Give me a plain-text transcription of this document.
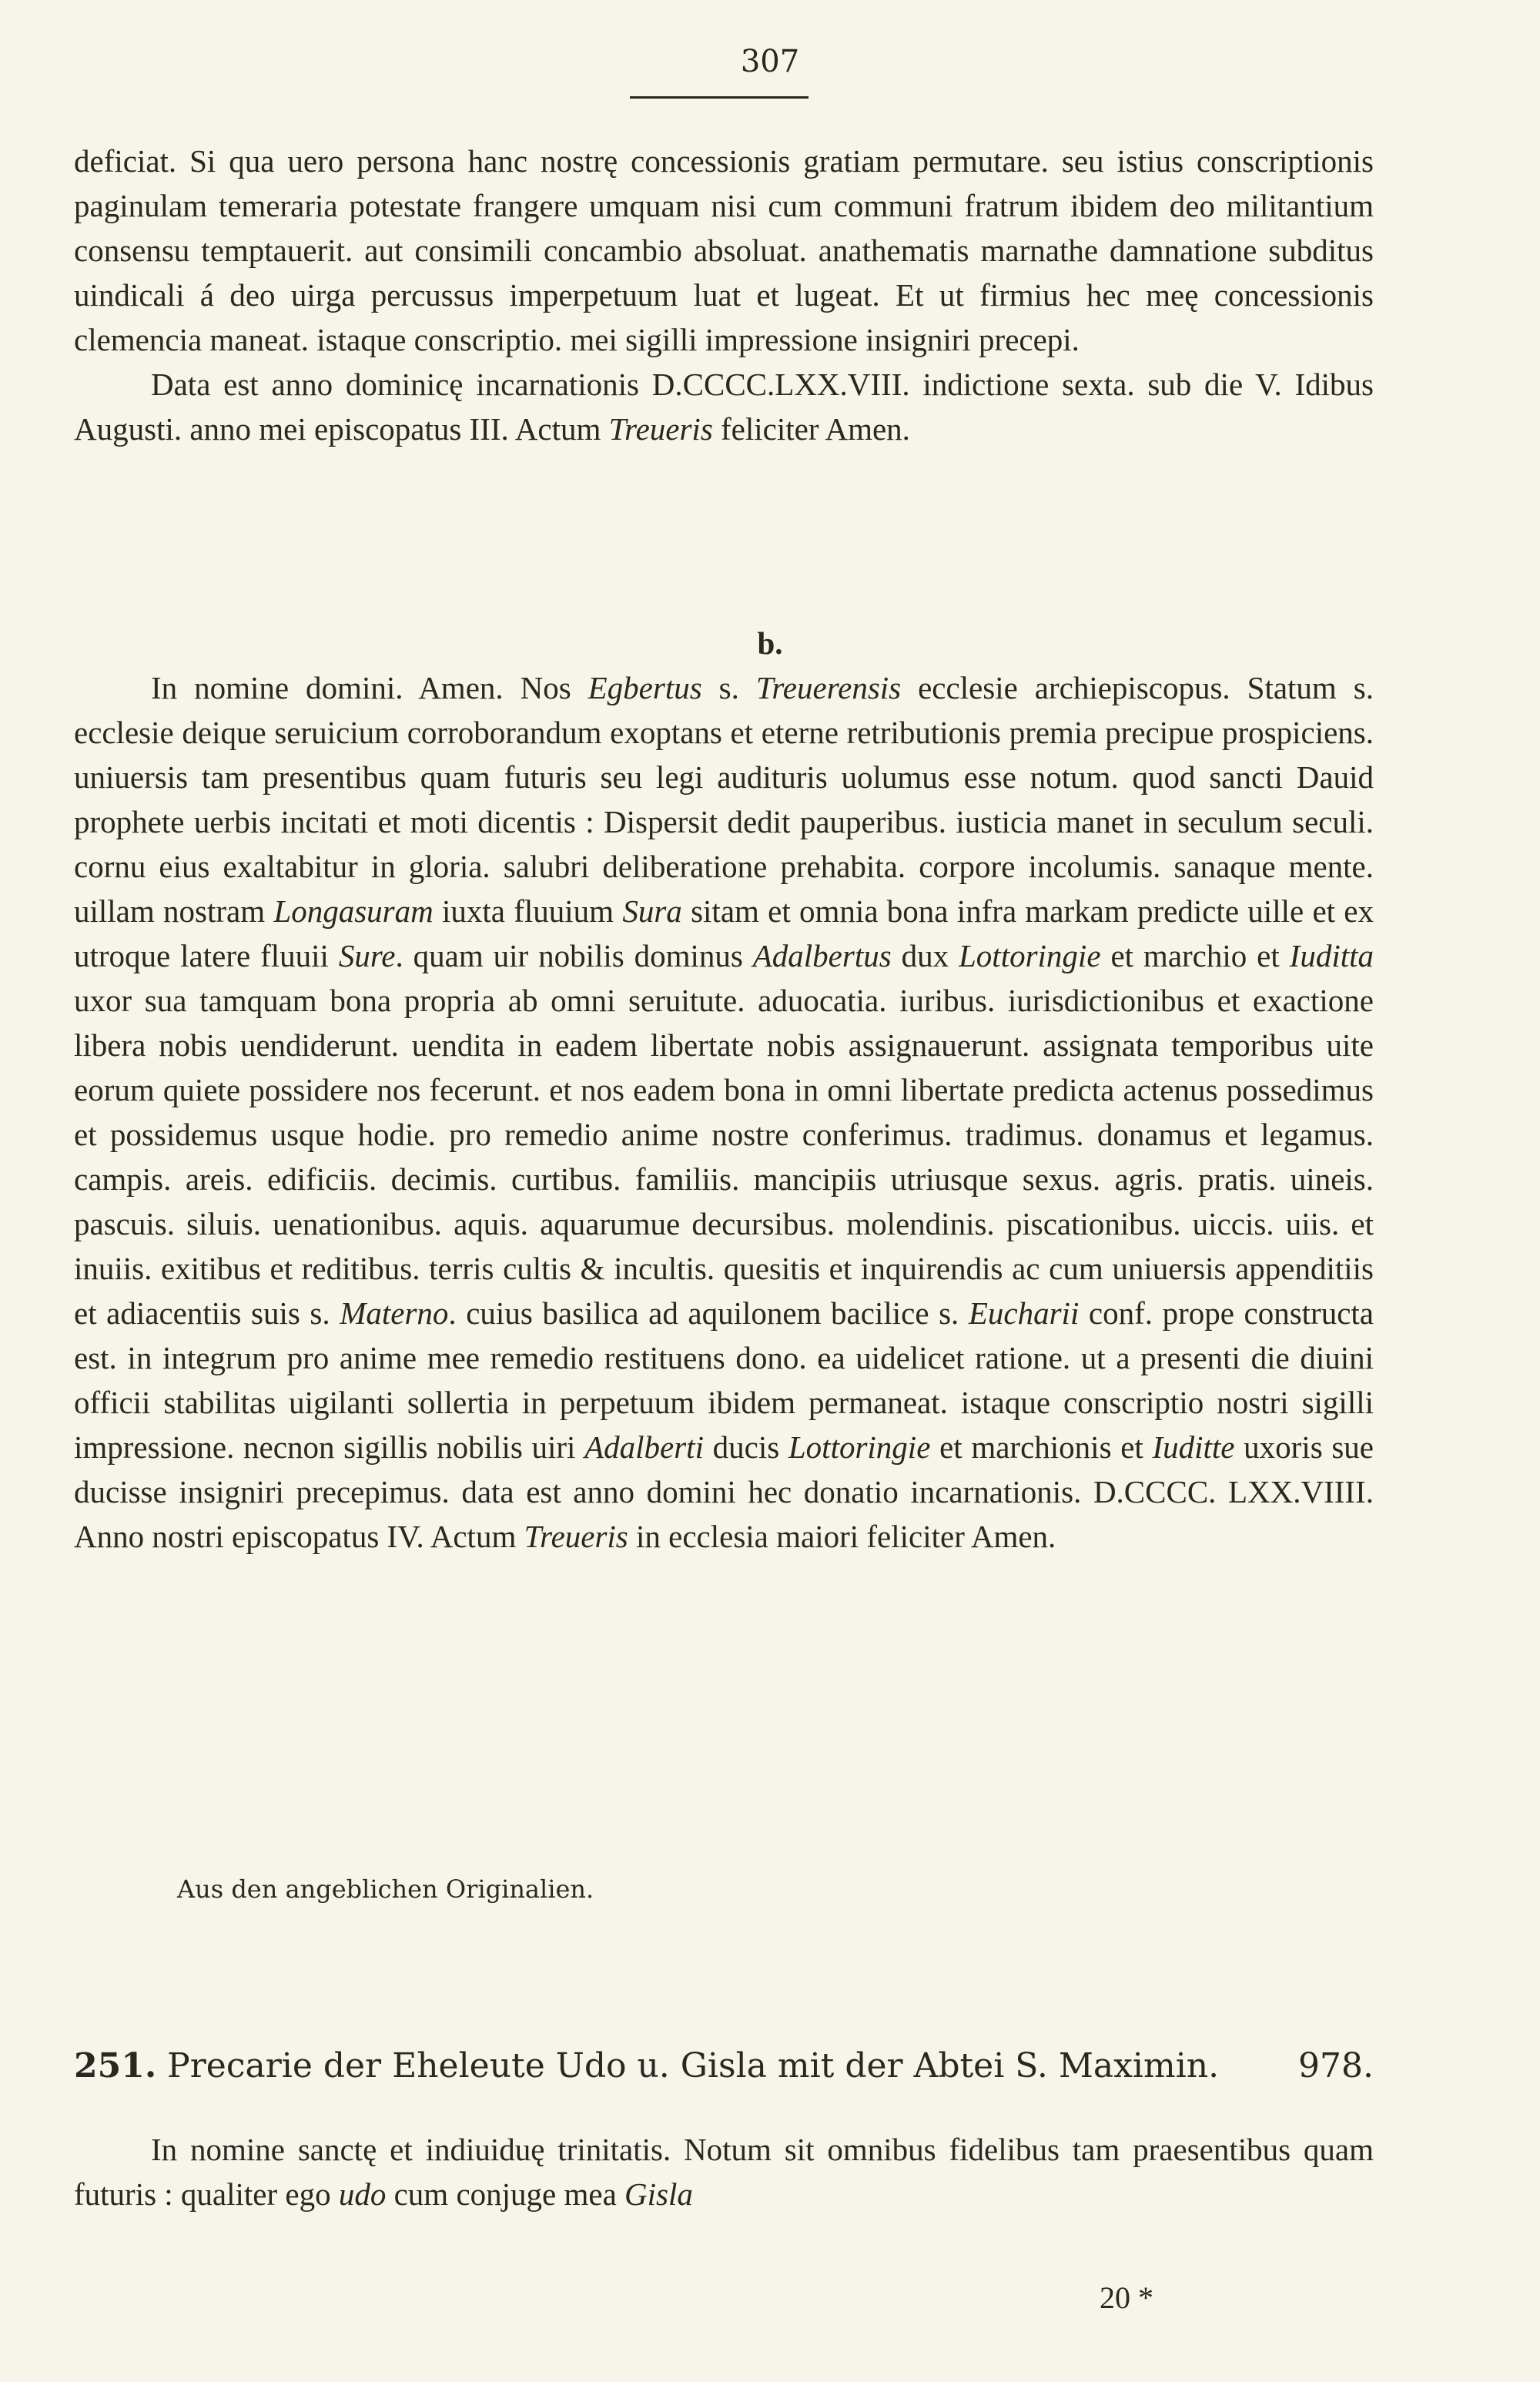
307

deficiat. Si qua uero persona hanc nostrę concessionis gratiam permutare. seu istius conscriptionis paginulam temeraria potestate frangere umquam nisi cum communi fratrum ibidem deo militantium consensu temptauerit. aut consimili concambio absoluat. anathematis marnathe damnatione subditus uindicali á deo uirga percussus imperpetuum luat et lugeat. Et ut firmius hec meę concessionis clemencia maneat. istaque conscriptio. mei sigilli impressione insigniri precepi.

Data est anno dominicę incarnationis D.CCCC.LXX.VIII. indictione sexta. sub die V. Idibus Augusti. anno mei episcopatus III. Actum Treueris feliciter Amen.

b.

In nomine domini. Amen. Nos Egbertus s. Treuerensis ecclesie archiepiscopus. Statum s. ecclesie deique seruicium corroborandum exoptans et eterne retributionis premia precipue prospiciens. uniuersis tam presentibus quam futuris seu legi audituris uolumus esse notum. quod sancti Dauid prophete uerbis incitati et moti dicentis : Dispersit dedit pauperibus. iusticia manet in seculum seculi. cornu eius exaltabitur in gloria. salubri deliberatione prehabita. corpore incolumis. sanaque mente. uillam nostram Longasuram iuxta fluuium Sura sitam et omnia bona infra markam predicte uille et ex utroque latere fluuii Sure. quam uir nobilis dominus Adalbertus dux Lottoringie et marchio et Iuditta uxor sua tamquam bona propria ab omni seruitute. aduocatia. iuribus. iurisdictionibus et exactione libera nobis uendiderunt. uendita in eadem libertate nobis assignauerunt. assignata temporibus uite eorum quiete possidere nos fecerunt. et nos eadem bona in omni libertate predicta actenus possedimus et possidemus usque hodie. pro remedio anime nostre conferimus. tradimus. donamus et legamus. campis. areis. edificiis. decimis. curtibus. familiis. mancipiis utriusque sexus. agris. pratis. uineis. pascuis. siluis. uenationibus. aquis. aquarumue decursibus. molendinis. piscationibus. uiccis. uiis. et inuiis. exitibus et reditibus. terris cultis & incultis. quesitis et inquirendis ac cum uniuersis appenditiis et adiacentiis suis s. Materno. cuius basilica ad aquilonem bacilice s. Eucharii conf. prope constructa est. in integrum pro anime mee remedio restituens dono. ea uidelicet ratione. ut a presenti die diuini officii stabilitas uigilanti sollertia in perpetuum ibidem permaneat. istaque conscriptio nostri sigilli impressione. necnon sigillis nobilis uiri Adalberti ducis Lottoringie et marchionis et Iuditte uxoris sue ducisse insigniri precepimus. data est anno domini hec donatio incarnationis. D.CCCC. LXX.VIIII. Anno nostri episcopatus IV. Actum Treueris in ecclesia maiori feliciter Amen.

Aus den angeblichen Originalien.
251. Precarie der Eheleute Udo u. Gisla mit der Abtei S. Maximin. 978.

In nomine sanctę et indiuiduę trinitatis. Notum sit omnibus fidelibus tam praesentibus quam futuris : qualiter ego udo cum conjuge mea Gisla

20 *
